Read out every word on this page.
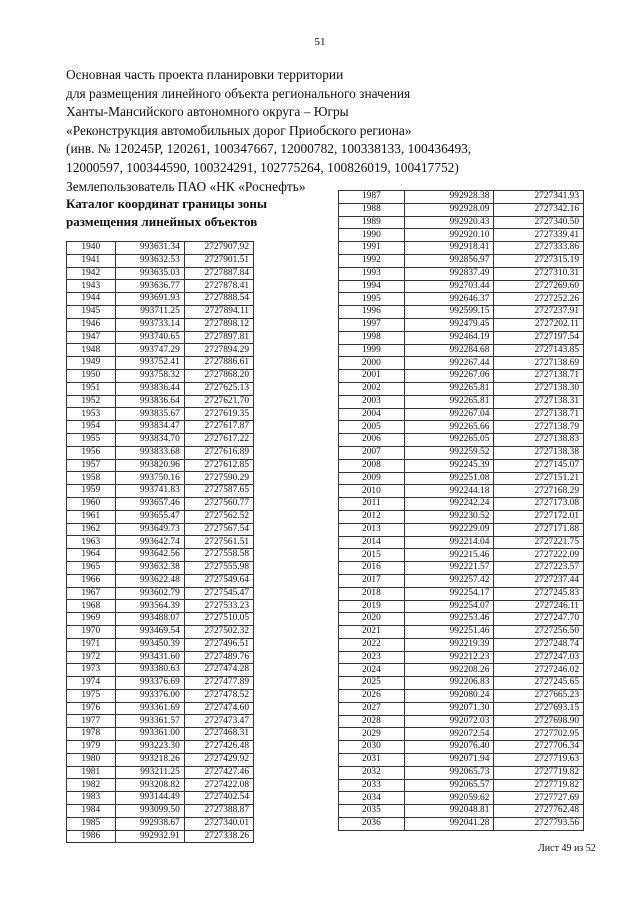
51
Основная часть проекта планировки территории
для размещения линейного объекта регионального значения
Ханты-Мансийского автономного округа – Югры
«Реконструкция автомобильных дорог Приобского региона»
(инв. № 120245Р, 120261, 100347667, 12000782, 100338133, 100436493,
12000597, 100344590, 100324291, 102775264, 100826019, 100417752)
Землепользователь ПАО «НК «Роснефть»
Каталог координат границы зоны
размещения линейных объектов
1940	993631.34	2727907.92
1941	993632.53	2727901.51
1942	993635.03	2727887.84
1943	993636.77	2727878.41
1944	993691.93	2727888.54
1945	993711.25	2727894.11
1946	993733.14	2727898.12
1947	993740.65	2727897.81
1948	993747.29	2727894.29
1949	993752.41	2727886.61
1950	993758.32	2727868.20
1951	993836.44	2727625.13
1952	993836.64	2727621.70
1953	993835.67	2727619.35
1954	993834.47	2727617.87
1955	993834.70	2727617.22
1956	993833.68	2727616.89
1957	993820.96	2727612.85
1958	993750.16	2727590.29
1959	993741.83	2727587.65
1960	993657.46	2727560.77
1961	993655.47	2727562.52
1962	993649.73	2727567.54
1963	993642.74	2727561.51
1964	993642.56	2727558.58
1965	993632.38	2727555.98
1966	993622.48	2727549.64
1967	993602.79	2727545.47
1968	993564.39	2727533.23
1969	993488.07	2727510.05
1970	993469.54	2727502.32
1971	993450.39	2727496.51
1972	993431.60	2727489.76
1973	993380.63	2727474.28
1974	993376.69	2727477.89
1975	993376.00	2727478.52
1976	993361.69	2727474.60
1977	993361.57	2727473.47
1978	993361.00	2727468.31
1979	993223.30	2727426.48
1980	993218.26	2727429.92
1981	993211.25	2727427.46
1982	993208.82	2727422.08
1983	993144.49	2727402.54
1984	993099.50	2727388.87
1985	992938.67	2727340.01
1986	992932.91	2727338.26
1987	992928.38	2727341.93
1988	992928.09	2727342.16
1989	992920.43	2727340.50
1990	992920.10	2727339.41
1991	992918.41	2727333.86
1992	992856.97	2727315.19
1993	992837.49	2727310.31
1994	992703.44	2727269.60
1995	992646.37	2727252.26
1996	992599.15	2727237.91
1997	992479.45	2727202.11
1998	992464.19	2727197.54
1999	992284.68	2727143.85
2000	992267.44	2727138.69
2001	992267.06	2727138.71
2002	992265.81	2727138.30
2003	992265.81	2727138.31
2004	992267.04	2727138.71
2005	992265.66	2727138.79
2006	992265.05	2727138.83
2007	992259.52	2727138.38
2008	992245.39	2727145.07
2009	992251.08	2727151.21
2010	992244.18	2727168.29
2011	992242.24	2727173.08
2012	992230.52	2727172.01
2013	992229.09	2727171.88
2014	992214.04	2727221.75
2015	992215.46	2727222.09
2016	992221.57	2727223.57
2017	992257.42	2727237.44
2018	992254.17	2727245.83
2019	992254.07	2727246.11
2020	992253.46	2727247.70
2021	992251.46	2727256.50
2022	992219.39	2727248.74
2023	992212.23	2727247.03
2024	992208.26	2727246.02
2025	992206.83	2727245.65
2026	992080.24	2727665.23
2027	992071.30	2727693.15
2028	992072.03	2727698.90
2029	992072.54	2727702.95
2030	992076.40	2727706.34
2031	992071.94	2727719.63
2032	992065.73	2727719.82
2033	992065.57	2727719.82
2034	992059.62	2727727.69
2035	992048.81	2727762.48
2036	992041.28	2727793.56
Лист 49 из 52
